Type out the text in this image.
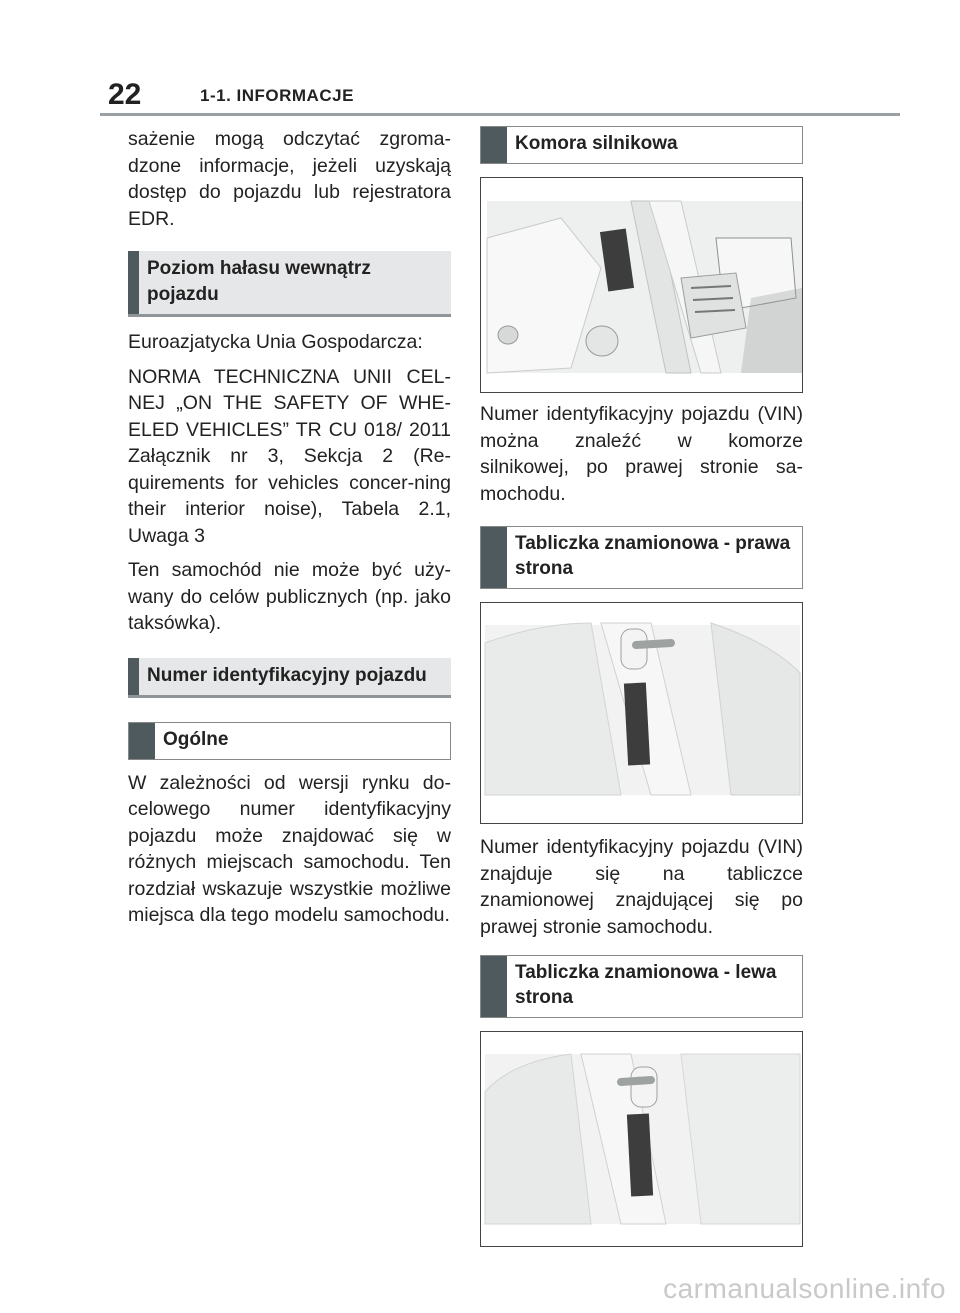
22	1-1. INFORMACJE

sażenie mogą odczytać zgroma-dzone informacje, jeżeli uzyskają dostęp do pojazdu lub rejestratora EDR.

Poziom hałasu wewnątrz pojazdu

Euroazjatycka Unia Gospodarcza:

NORMA TECHNICZNA UNII CEL-NEJ „ON THE SAFETY OF WHE-ELED VEHICLES” TR CU 018/ 2011 Załącznik nr 3, Sekcja 2 (Re-quirements for vehicles concer-ning their interior noise), Tabela 2.1, Uwaga 3

Ten samochód nie może być uży-wany do celów publicznych (np. jako taksówka).

Numer identyfikacyjny pojazdu
Ogólne

W zależności od wersji rynku do-celowego numer identyfikacyjny pojazdu może znajdować się w różnych miejscach samochodu. Ten rozdział wskazuje wszystkie możliwe miejsca dla tego modelu samochodu.

Komora silnikowa

Numer identyfikacyjny pojazdu (VIN) można znaleźć w komorze silnikowej, po prawej stronie sa-mochodu.

Tabliczka znamionowa - prawa strona

Numer identyfikacyjny pojazdu (VIN) znajduje się na tabliczce znamionowej znajdującej się po prawej stronie samochodu.

Tabliczka znamionowa - lewa strona
carmanualsonline.info
